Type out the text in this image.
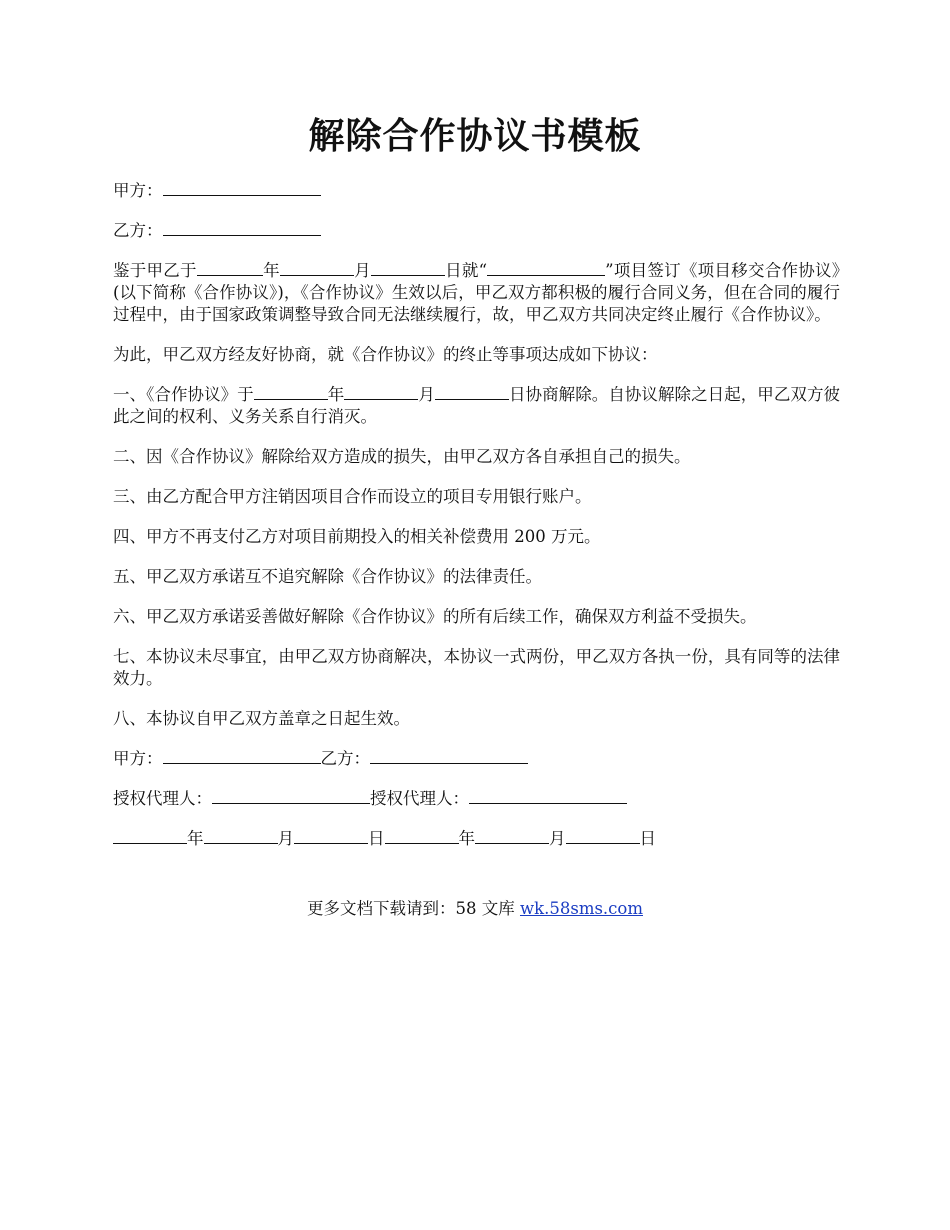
解除合作协议书模板

甲方：

乙方：

鉴于甲乙于	年	月	日就“	”项目签订《项目移交合作协议》(以下简称《合作协议》)，《合作协议》生效以后，甲乙双方都积极的履行合同义务，但在合同的履行过程中，由于国家政策调整导致合同无法继续履行，故，甲乙双方共同决定终止履行《合作协议》。

为此，甲乙双方经友好协商，就《合作协议》的终止等事项达成如下协议：

一、《合作协议》于	年	月	日协商解除。自协议解除之日起，甲乙双方彼此之间的权利、义务关系自行消灭。

二、因《合作协议》解除给双方造成的损失，由甲乙双方各自承担自己的损失。

三、由乙方配合甲方注销因项目合作而设立的项目专用银行账户。

四、甲方不再支付乙方对项目前期投入的相关补偿费用 200 万元。

五、甲乙双方承诺互不追究解除《合作协议》的法律责任。

六、甲乙双方承诺妥善做好解除《合作协议》的所有后续工作，确保双方利益不受损失。

七、本协议未尽事宜，由甲乙双方协商解决，本协议一式两份，甲乙双方各执一份，具有同等的法律效力。

八、本协议自甲乙双方盖章之日起生效。

甲方：	乙方：

授权代理人：	授权代理人：

年	月	日	年	月	日

更多文档下载请到：58 文库 wk.58sms.com
